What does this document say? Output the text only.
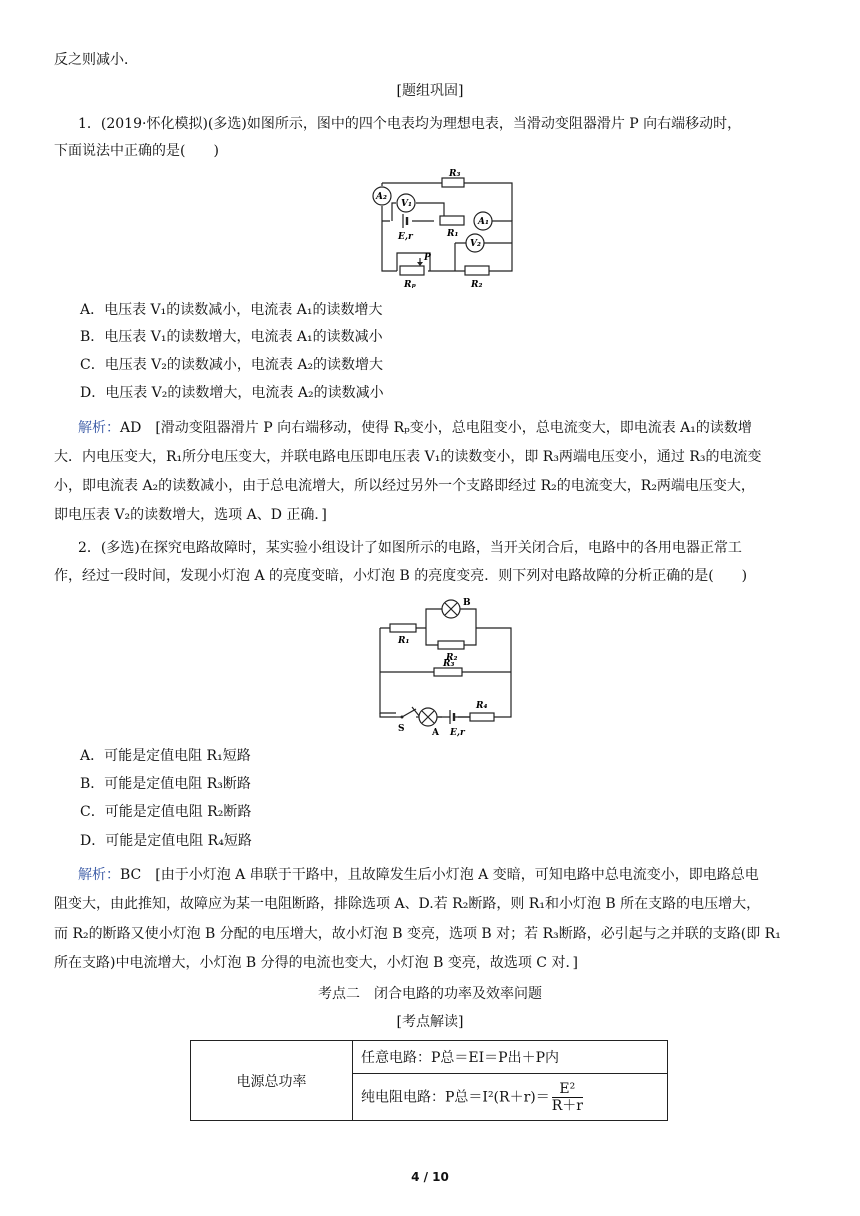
反之则减小．
[题组巩固]
1．(2019·怀化模拟)(多选)如图所示，图中的四个电表均为理想电表，当滑动变阻器滑片 P 向右端移动时，
下面说法中正确的是(　　)
R₃
A₂
V₁
A₁
E,r	R₁
V₂
P
Rₚ	R₂
A．电压表 V₁的读数减小，电流表 A₁的读数增大
B．电压表 V₁的读数增大，电流表 A₁的读数减小
C．电压表 V₂的读数减小，电流表 A₂的读数增大
D．电压表 V₂的读数增大，电流表 A₂的读数减小
解析：AD　[滑动变阻器滑片 P 向右端移动，使得 Rₚ变小，总电阻变小，总电流变大，即电流表 A₁的读数增
大．内电压变大，R₁所分电压变大，并联电路电压即电压表 V₁的读数变小，即 R₃两端电压变小，通过 R₃的电流变
小，即电流表 A₂的读数减小，由于总电流增大，所以经过另外一个支路即经过 R₂的电流变大，R₂两端电压变大，
即电压表 V₂的读数增大，选项 A、D 正确．]
2．(多选)在探究电路故障时，某实验小组设计了如图所示的电路，当开关闭合后，电路中的各用电器正常工
作，经过一段时间，发现小灯泡 A 的亮度变暗，小灯泡 B 的亮度变亮．则下列对电路故障的分析正确的是(　　)
B
R₁
R₂
R₃
R₄
S	A E,r
A．可能是定值电阻 R₁短路
B．可能是定值电阻 R₃断路
C．可能是定值电阻 R₂断路
D．可能是定值电阻 R₄短路
解析：BC　[由于小灯泡 A 串联于干路中，且故障发生后小灯泡 A 变暗，可知电路中总电流变小，即电路总电
阻变大，由此推知，故障应为某一电阻断路，排除选项 A、D.若 R₂断路，则 R₁和小灯泡 B 所在支路的电压增大，
而 R₂的断路又使小灯泡 B 分配的电压增大，故小灯泡 B 变亮，选项 B 对；若 R₃断路，必引起与之并联的支路(即 R₁
所在支路)中电流增大，小灯泡 B 分得的电流也变大，小灯泡 B 变亮，故选项 C 对．]
考点二　闭合电路的功率及效率问题
[考点解读]
电源总功率	任意电路：P总＝EI＝P出＋P内
纯电阻电路：P总$=I^2(R+r)= \frac{\text{E²}}{R+r}$
4 / 10
